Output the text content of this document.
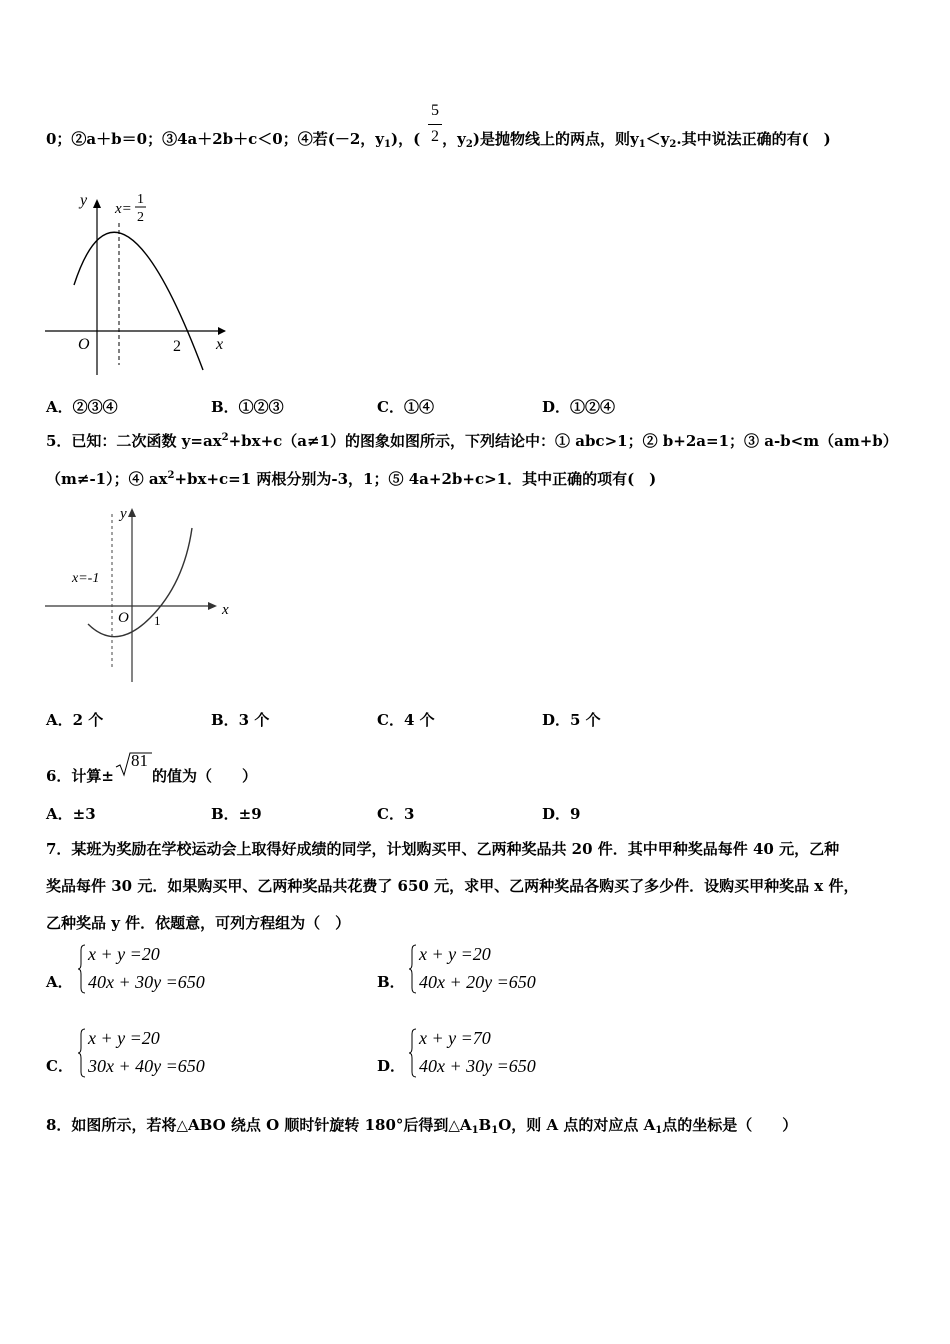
5
2
0；②a＋b＝0；③4a＋2b＋c＜0；④若(－2，$y_1$)，( ，$y_2$)是抛物线上的两点，则$y_1<y_2$.其中说法正确的有(　)
y
x
O	2
x=
1
2
A．②③④	B．①②③	C．①④	D．①②④
5．已知：二次函数 $y=ax^2+bx+c(a\ne 1)$的图象如图所示，下列结论中：① abc>1；② b+2a=1；③ a-b<m（am+b）
（m≠-1）；④ $ax^2+bx+c=1$ 两根分别为-3，1；⑤ 4a+2b+c>1．其中正确的项有(　)
y
x
O 1
x=-1
A．2 个	B．3 个	C．4 个	D．5 个
6．计算±
81
的值为（　　）
A．±3	B．±9	C．3	D．9
7．某班为奖励在学校运动会上取得好成绩的同学，计划购买甲、乙两种奖品共 20 件．其中甲种奖品每件 40 元，乙种
奖品每件 30 元．如果购买甲、乙两种奖品共花费了 650 元，求甲、乙两种奖品各购买了多少件．设购买甲种奖品 x 件，
乙种奖品 y 件．依题意，可列方程组为（　）
A．
x + y =20
40x + 30y =650	B．
x + y =20
40x + 20y =650
C．
x + y =20
30x + 40y =650	D．
x + y =70
40x + 30y =650
8．如图所示，若将△ABO 绕点 O 顺时针旋转 180°后得到$\triangle A_1B_1O$，则 A 点的对应点 $A_1$点的坐标是（　　）
